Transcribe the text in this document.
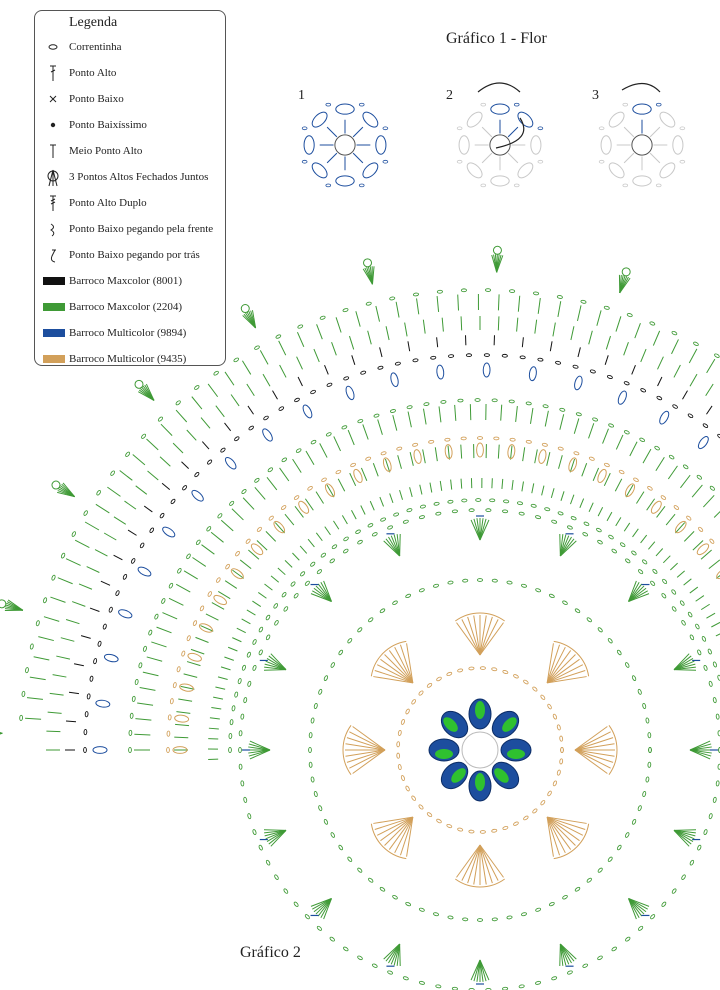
Legenda
Correntinha
Ponto Alto
Ponto Baixo
Ponto Baixíssimo
Meio Ponto Alto
3 Pontos Altos Fechados Juntos
Ponto Alto Duplo
Ponto Baixo pegando pela frente
Ponto Baixo pegando por trás
Barroco Maxcolor (8001)
Barroco Maxcolor (2204)
Barroco Multicolor (9894)
Barroco Multicolor (9435)
Gráfico 1 - Flor
1	2	3
Gráfico 2
